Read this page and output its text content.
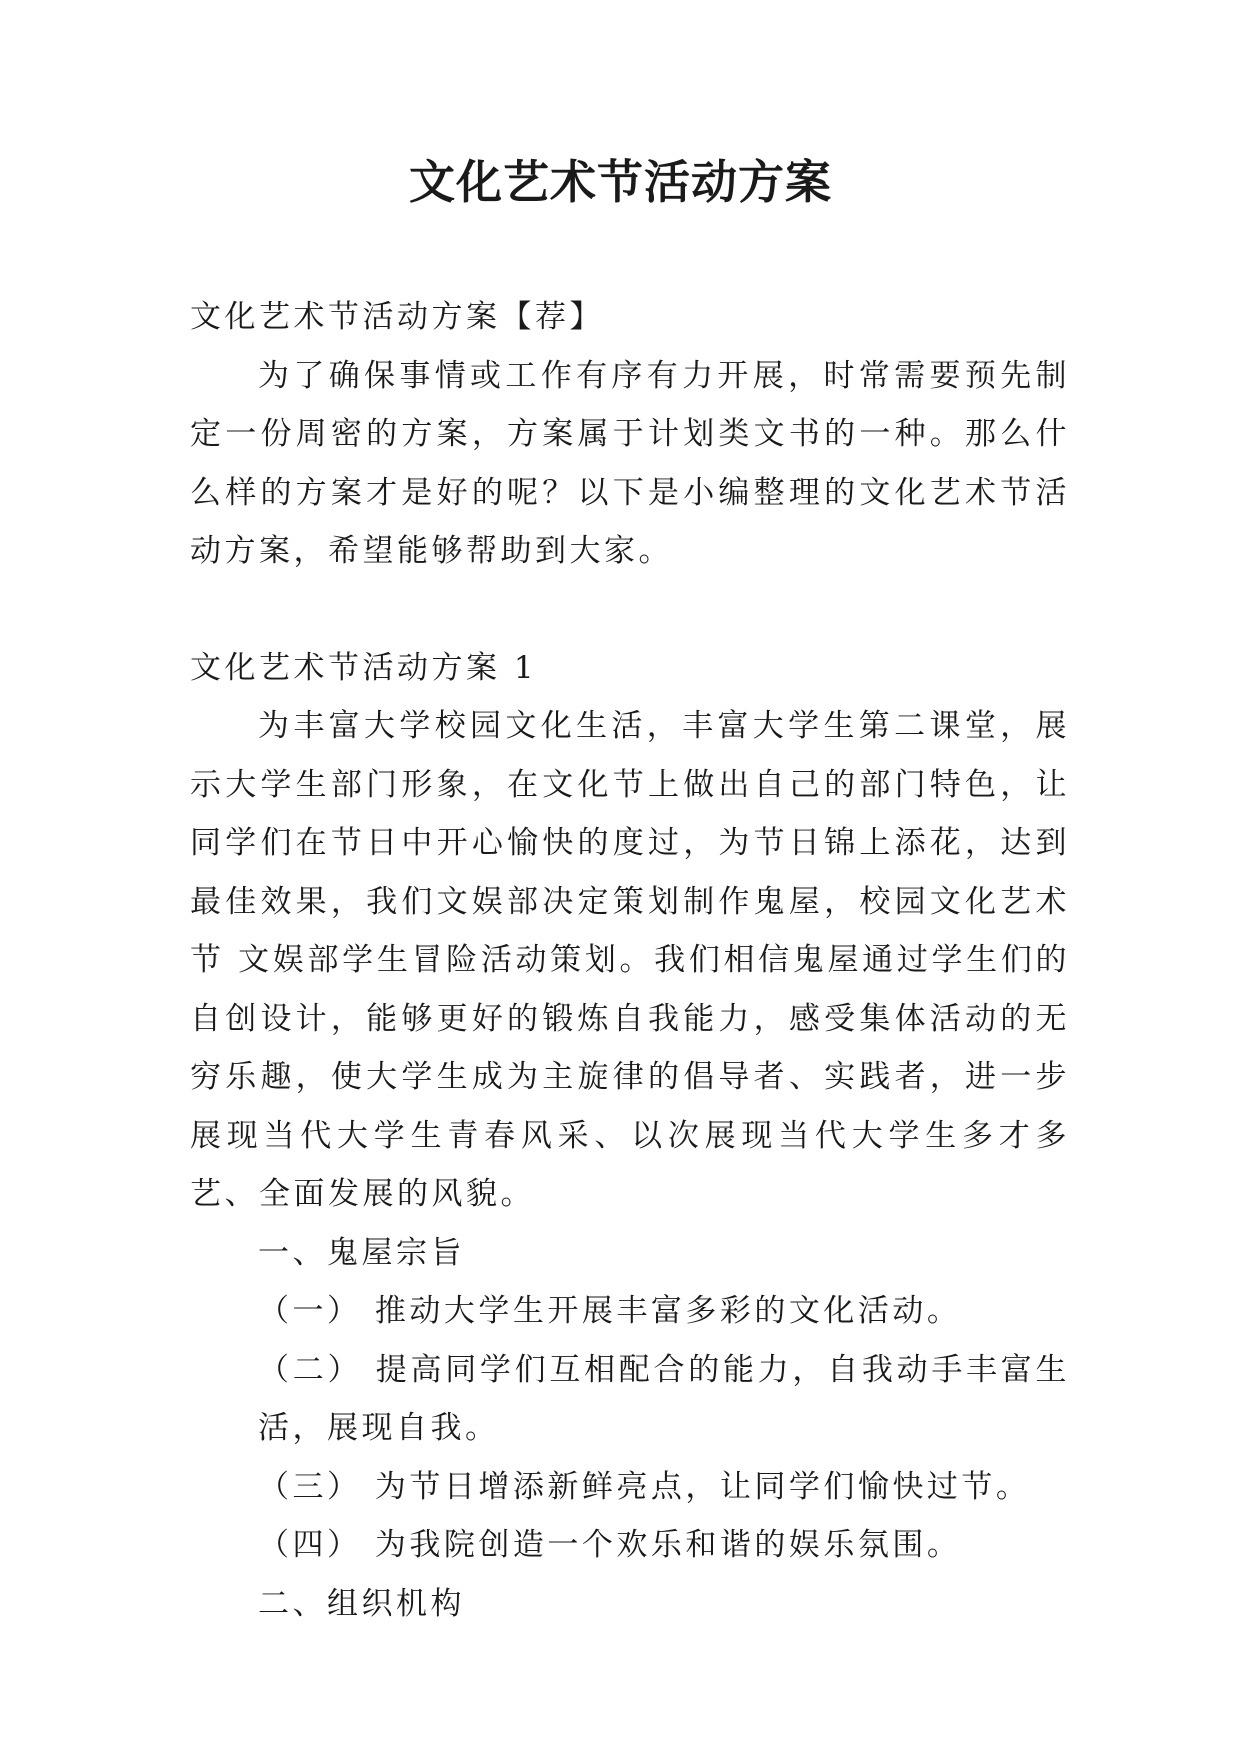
文化艺术节活动方案

文化艺术节活动方案【荐】

为了确保事情或工作有序有力开展，时常需要预先制定一份周密的方案，方案属于计划类文书的一种。那么什么样的方案才是好的呢？以下是小编整理的文化艺术节活动方案，希望能够帮助到大家。

文化艺术节活动方案 1

为丰富大学校园文化生活，丰富大学生第二课堂，展示大学生部门形象，在文化节上做出自己的部门特色，让同学们在节日中开心愉快的度过，为节日锦上添花，达到最佳效果，我们文娱部决定策划制作鬼屋，校园文化艺术节 文娱部学生冒险活动策划。我们相信鬼屋通过学生们的自创设计，能够更好的锻炼自我能力，感受集体活动的无穷乐趣，使大学生成为主旋律的倡导者、实践者，进一步展现当代大学生青春风采、以次展现当代大学生多才多艺、全面发展的风貌。

一、鬼屋宗旨

（一） 推动大学生开展丰富多彩的文化活动。

（二） 提高同学们互相配合的能力，自我动手丰富生活，展现自我。

（三） 为节日增添新鲜亮点，让同学们愉快过节。

（四） 为我院创造一个欢乐和谐的娱乐氛围。

二、组织机构
